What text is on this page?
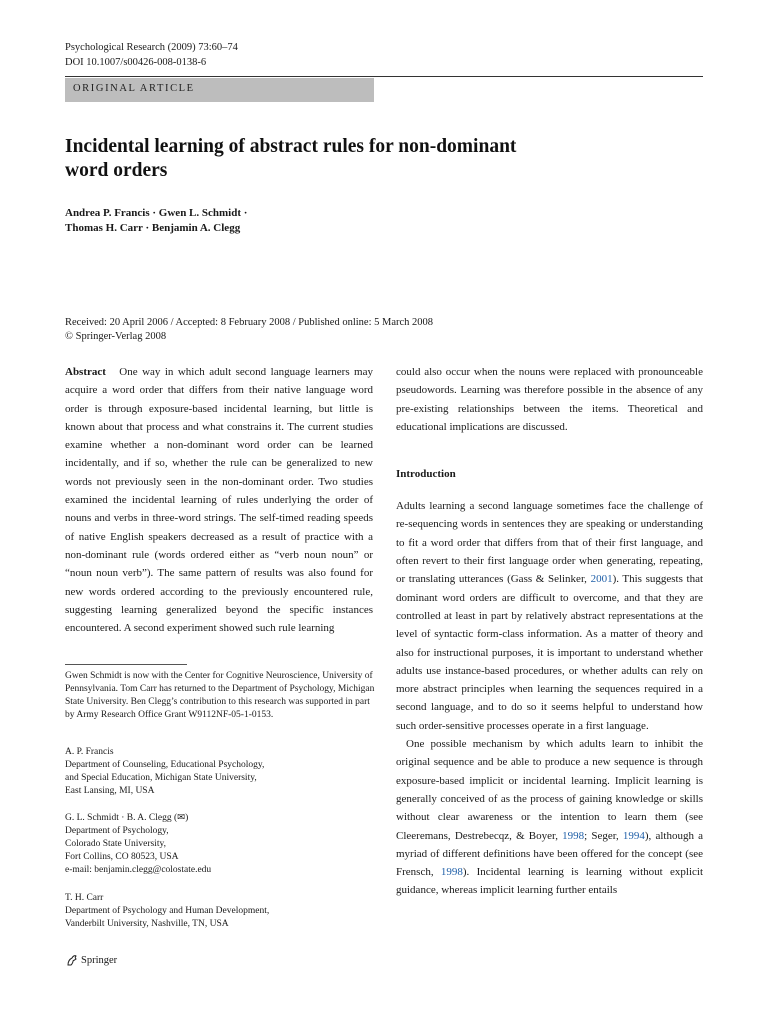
Psychological Research (2009) 73:60–74
DOI 10.1007/s00426-008-0138-6
ORIGINAL ARTICLE
Incidental learning of abstract rules for non-dominant
word orders
Andrea P. Francis · Gwen L. Schmidt ·
Thomas H. Carr · Benjamin A. Clegg
Received: 20 April 2006 / Accepted: 8 February 2008 / Published online: 5 March 2008
© Springer-Verlag 2008

Abstract One way in which adult second language learners may acquire a word order that differs from their native language word order is through exposure-based incidental learning, but little is known about that process and what constrains it. The current studies examine whether a non-dominant word order can be learned incidentally, and if so, whether the rule can be generalized to new words not previously seen in the non-dominant order. Two studies examined the incidental learning of rules underlying the order of nouns and verbs in three-word strings. The self-timed reading speeds of native English speakers decreased as a result of practice with a non-dominant rule (words ordered either as “verb noun noun” or “noun noun verb”). The same pattern of results was also found for new words ordered according to the previously encountered rule, suggesting learning generalized beyond the specific instances encountered. A second experiment showed such rule learning

Gwen Schmidt is now with the Center for Cognitive Neuroscience, University of Pennsylvania. Tom Carr has returned to the Department of Psychology, Michigan State University. Ben Clegg’s contribution to this research was supported in part by Army Research Office Grant W9112NF-05-1-0153.
A. P. Francis
Department of Counseling, Educational Psychology,
and Special Education, Michigan State University,
East Lansing, MI, USA
G. L. Schmidt · B. A. Clegg (✉)
Department of Psychology,
Colorado State University,
Fort Collins, CO 80523, USA
e-mail: benjamin.clegg@colostate.edu
T. H. Carr
Department of Psychology and Human Development,
Vanderbilt University, Nashville, TN, USA

could also occur when the nouns were replaced with pronounceable pseudowords. Learning was therefore possible in the absence of any pre-existing relationships between the items. Theoretical and educational implications are discussed.

Introduction

Adults learning a second language sometimes face the challenge of re-sequencing words in sentences they are speaking or understanding to fit a word order that differs from that of their first language, and often revert to their first language order when generating, repeating, or translating utterances (Gass & Selinker, 2001). This suggests that dominant word orders are difficult to overcome, and that they are controlled at least in part by relatively abstract representations at the level of syntactic form-class information. As a matter of theory and also for instructional purposes, it is important to understand whether adults use instance-based procedures, or whether adults can rely on more abstract principles when learning the sequences required in a second language, and to do so it seems helpful to understand how such order-sensitive processes operate in a first language.

One possible mechanism by which adults learn to inhibit the original sequence and be able to produce a new sequence is through exposure-based implicit or incidental learning. Implicit learning is generally conceived of as the process of gaining knowledge or skills without clear awareness or the intention to learn them (see Cleeremans, Destrebecqz, & Boyer, 1998; Seger, 1994), although a myriad of different definitions have been offered for the concept (see Frensch, 1998). Incidental learning is learning without explicit guidance, whereas implicit learning further entails

Springer
